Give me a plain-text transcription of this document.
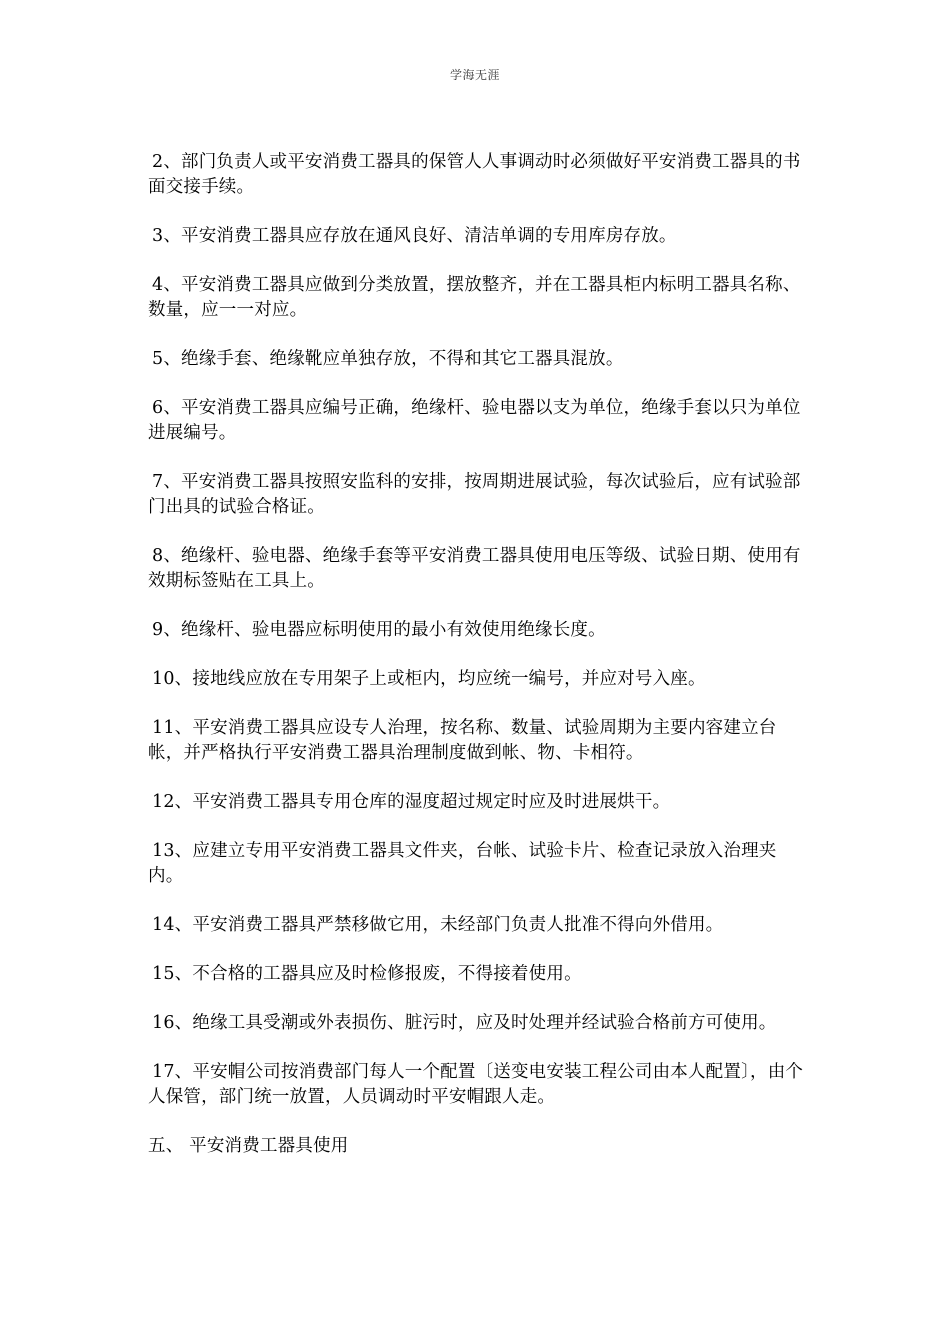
学海无涯

2、部门负责人或平安消费工器具的保管人人事调动时必须做好平安消费工器具的书面交接手续。

3、平安消费工器具应存放在通风良好、清洁单调的专用库房存放。

4、平安消费工器具应做到分类放置，摆放整齐，并在工器具柜内标明工器具名称、数量，应一一对应。

5、绝缘手套、绝缘靴应单独存放，不得和其它工器具混放。

6、平安消费工器具应编号正确，绝缘杆、验电器以支为单位，绝缘手套以只为单位进展编号。

7、平安消费工器具按照安监科的安排，按周期进展试验，每次试验后，应有试验部门出具的试验合格证。

8、绝缘杆、验电器、绝缘手套等平安消费工器具使用电压等级、试验日期、使用有效期标签贴在工具上。

9、绝缘杆、验电器应标明使用的最小有效使用绝缘长度。

10、接地线应放在专用架子上或柜内，均应统一编号，并应对号入座。

11、平安消费工器具应设专人治理，按名称、数量、试验周期为主要内容建立台帐，并严格执行平安消费工器具治理制度做到帐、物、卡相符。

12、平安消费工器具专用仓库的湿度超过规定时应及时进展烘干。

13、应建立专用平安消费工器具文件夹，台帐、试验卡片、检查记录放入治理夹内。

14、平安消费工器具严禁移做它用，未经部门负责人批准不得向外借用。

15、不合格的工器具应及时检修报废，不得接着使用。

16、绝缘工具受潮或外表损伤、脏污时，应及时处理并经试验合格前方可使用。

17、平安帽公司按消费部门每人一个配置〔送变电安装工程公司由本人配置〕，由个人保管，部门统一放置，人员调动时平安帽跟人走。

五、 平安消费工器具使用
